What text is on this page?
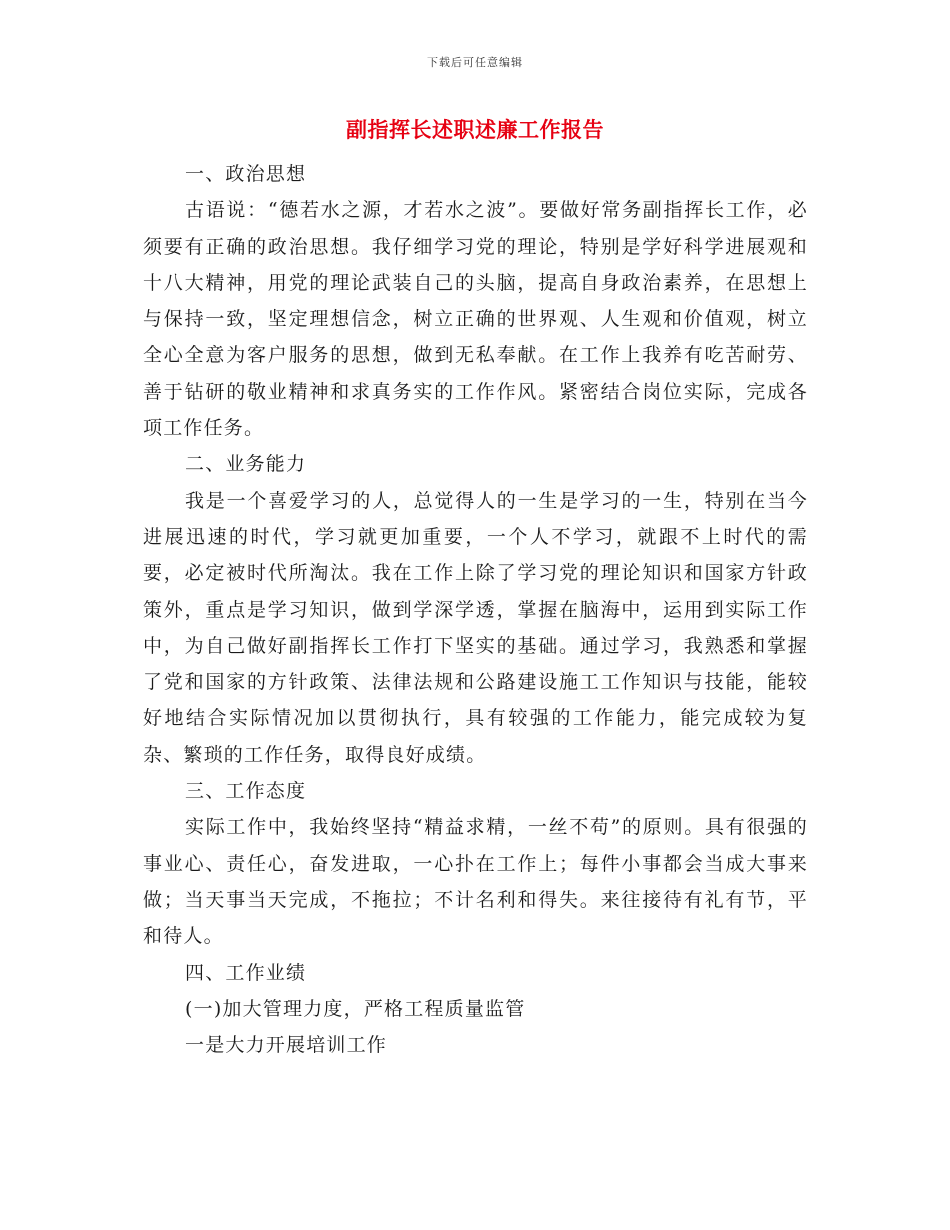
下载后可任意编辑
副指挥长述职述廉工作报告

一、政治思想

古语说：“德若水之源，才若水之波”。要做好常务副指挥长工作，必须要有正确的政治思想。我仔细学习党的理论，特别是学好科学进展观和十八大精神，用党的理论武装自己的头脑，提高自身政治素养，在思想上与保持一致，坚定理想信念，树立正确的世界观、人生观和价值观，树立全心全意为客户服务的思想，做到无私奉献。在工作上我养有吃苦耐劳、善于钻研的敬业精神和求真务实的工作作风。紧密结合岗位实际，完成各项工作任务。

二、业务能力

我是一个喜爱学习的人，总觉得人的一生是学习的一生，特别在当今进展迅速的时代，学习就更加重要，一个人不学习，就跟不上时代的需要，必定被时代所淘汰。我在工作上除了学习党的理论知识和国家方针政策外，重点是学习知识，做到学深学透，掌握在脑海中，运用到实际工作中，为自己做好副指挥长工作打下坚实的基础。通过学习，我熟悉和掌握了党和国家的方针政策、法律法规和公路建设施工工作知识与技能，能较好地结合实际情况加以贯彻执行，具有较强的工作能力，能完成较为复杂、繁琐的工作任务，取得良好成绩。

三、工作态度

实际工作中，我始终坚持“精益求精，一丝不苟”的原则。具有很强的事业心、责任心，奋发进取，一心扑在工作上；每件小事都会当成大事来做；当天事当天完成，不拖拉；不计名利和得失。来往接待有礼有节，平和待人。

四、工作业绩

(一)加大管理力度，严格工程质量监管

一是大力开展培训工作
